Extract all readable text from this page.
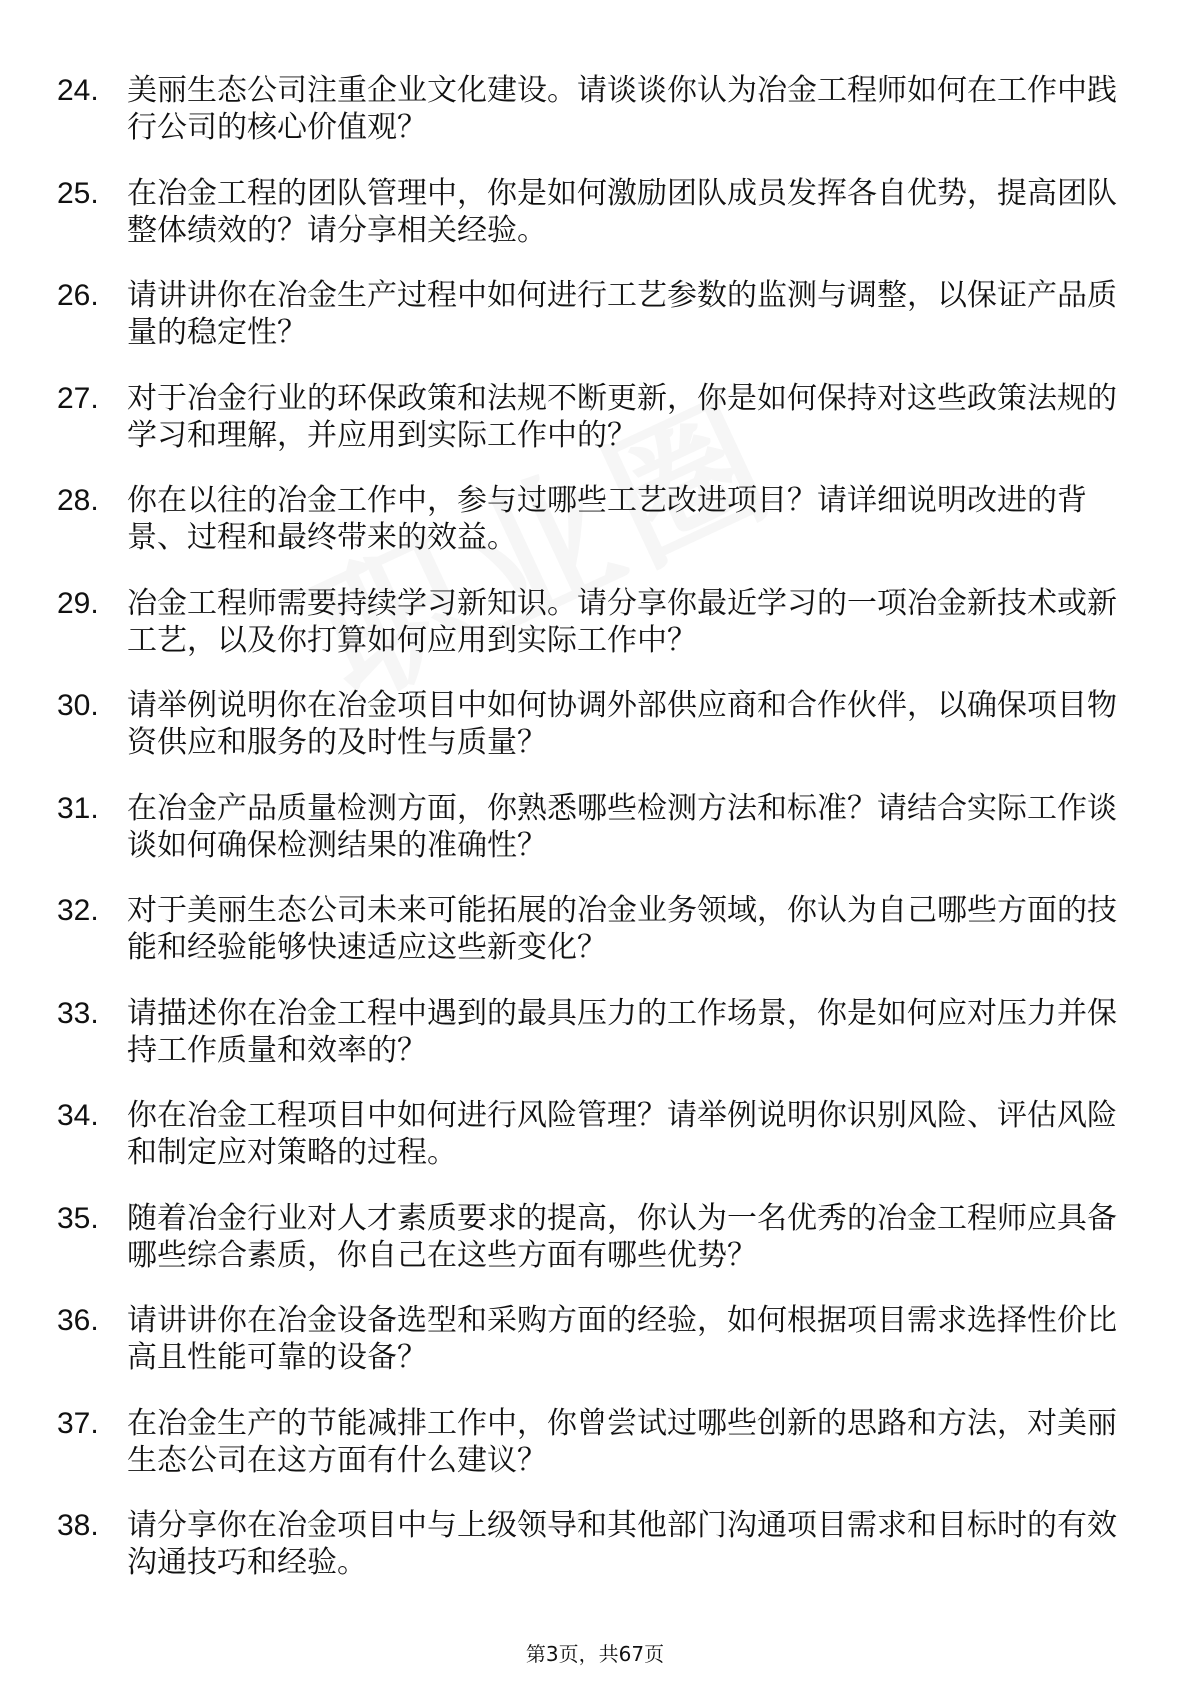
24. 美丽生态公司注重企业文化建设。请谈谈你认为冶金工程师如何在工作中践行公司的核心价值观？
25. 在冶金工程的团队管理中，你是如何激励团队成员发挥各自优势，提高团队整体绩效的？请分享相关经验。
26. 请讲讲你在冶金生产过程中如何进行工艺参数的监测与调整，以保证产品质量的稳定性？
27. 对于冶金行业的环保政策和法规不断更新，你是如何保持对这些政策法规的学习和理解，并应用到实际工作中的？
28. 你在以往的冶金工作中，参与过哪些工艺改进项目？请详细说明改进的背景、过程和最终带来的效益。
29. 冶金工程师需要持续学习新知识。请分享你最近学习的一项冶金新技术或新工艺，以及你打算如何应用到实际工作中？
30. 请举例说明你在冶金项目中如何协调外部供应商和合作伙伴，以确保项目物资供应和服务的及时性与质量？
31. 在冶金产品质量检测方面，你熟悉哪些检测方法和标准？请结合实际工作谈谈如何确保检测结果的准确性？
32. 对于美丽生态公司未来可能拓展的冶金业务领域，你认为自己哪些方面的技能和经验能够快速适应这些新变化？
33. 请描述你在冶金工程中遇到的最具压力的工作场景，你是如何应对压力并保持工作质量和效率的？
34. 你在冶金工程项目中如何进行风险管理？请举例说明你识别风险、评估风险和制定应对策略的过程。
35. 随着冶金行业对人才素质要求的提高，你认为一名优秀的冶金工程师应具备哪些综合素质，你自己在这些方面有哪些优势？
36. 请讲讲你在冶金设备选型和采购方面的经验，如何根据项目需求选择性价比高且性能可靠的设备？
37. 在冶金生产的节能减排工作中，你曾尝试过哪些创新的思路和方法，对美丽生态公司在这方面有什么建议？
38. 请分享你在冶金项目中与上级领导和其他部门沟通项目需求和目标时的有效沟通技巧和经验。
第3页，共67页
